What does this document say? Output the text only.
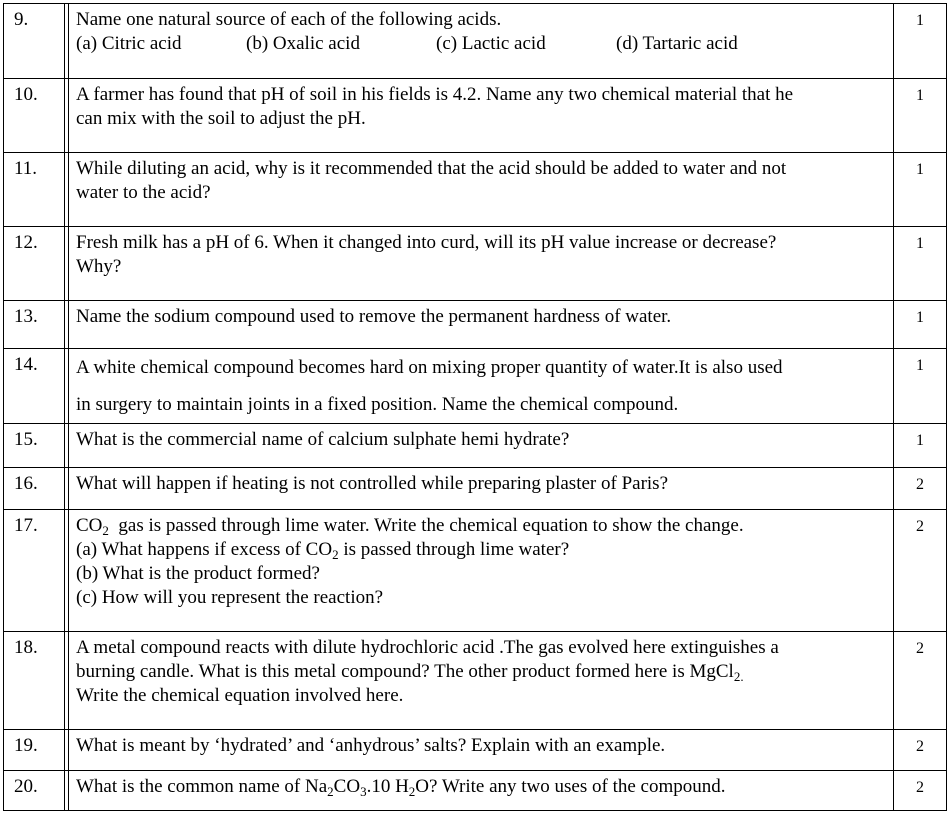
9.		Name one natural source of each of the following acids.
(a) Citric acid (b) Oxalic acid (c) Lactic acid (d) Tartaric acid	1
10.		A farmer has found that pH of soil in his fields is 4.2. Name any two chemical material that he
can mix with the soil to adjust the pH.	1
11.		While diluting an acid, why is it recommended that the acid should be added to water and not
water to the acid?	1
12.		Fresh milk has a pH of 6. When it changed into curd, will its pH value increase or decrease?
Why?	1
13.		Name the sodium compound used to remove the permanent hardness of water.	1
14.		A white chemical compound becomes hard on mixing proper quantity of water.It is also used
in surgery to maintain joints in a fixed position. Name the chemical compound.	1
15.		What is the commercial name of calcium sulphate hemi hydrate?	1
16.		What will happen if heating is not controlled while preparing plaster of Paris?	2
17.		$CO_2$  gas is passed through lime water. Write the chemical equation to show the change.
(a) What happens if excess of $CO_2$ is passed through lime water?
(b) What is the product formed?
(c) How will you represent the reaction?	2
18.		A metal compound reacts with dilute hydrochloric acid .The gas evolved here extinguishes a
burning candle. What is this metal compound? The other product formed here is MgCl$_{2.}$
Write the chemical equation involved here.	2
19.		What is meant by ‘hydrated’ and ‘anhydrous’ salts? Explain with an example.	2
20.		What is the common name of $Na_2CO_3.10$ $H_2O$? Write any two uses of the compound.	2
